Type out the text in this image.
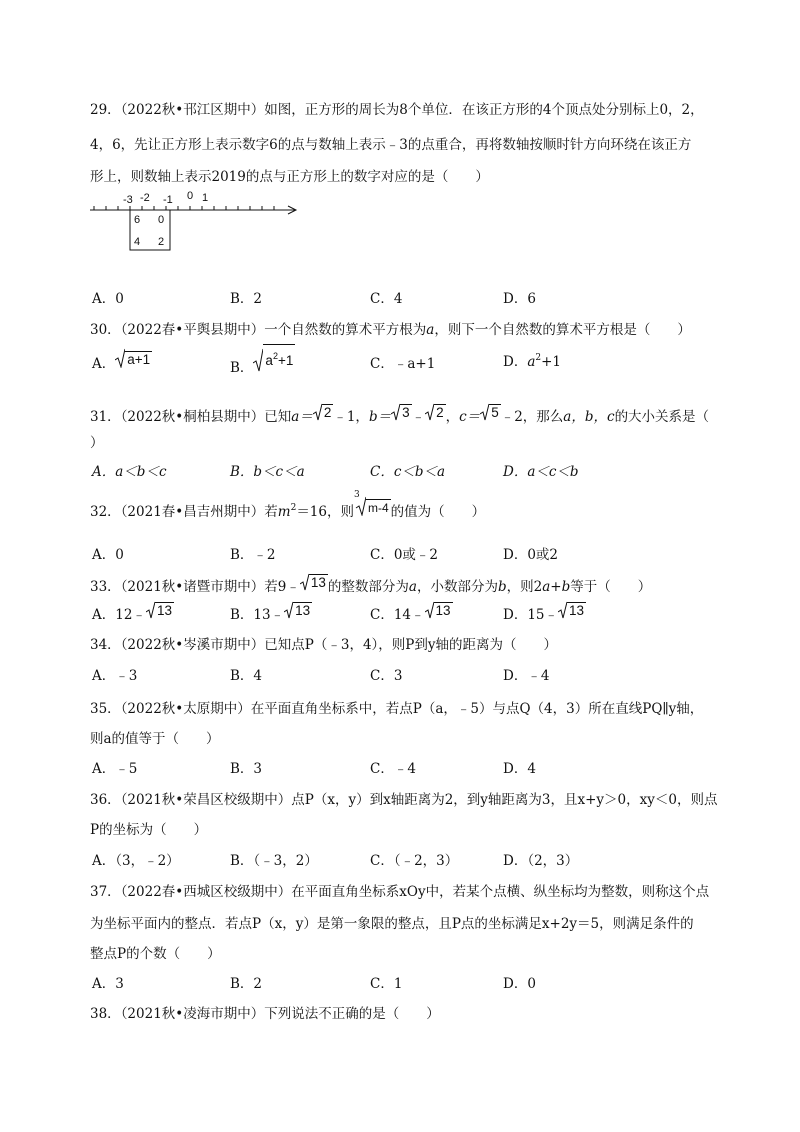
29．（2022秋•邗江区期中）如图，正方形的周长为8个单位．在该正方形的4个顶点处分别标上0，2，
4，6，先让正方形上表示数字6的点与数轴上表示﹣3的点重合，再将数轴按顺时针方向环绕在该正方
形上，则数轴上表示2019的点与正方形上的数字对应的是（　　）
-3 -2 -1 0 1
6 0
4 2
A．0	B．2	C．4	D．6
30．（2022春•平舆县期中）一个自然数的算术平方根为a，则下一个自然数的算术平方根是（　　）
A． a+1
B． $a^2+1$	C．﹣a+1	D．$a^2+1$
31．（2022秋•桐柏县期中）已知a＝ 2 ﹣1，b＝ 3 ﹣ 2 ，c＝ 5 ﹣2，那么a，b，c的大小关系是（
）
A．a＜b＜c	B．b＜c＜a	C．c＜b＜a	D．a＜c＜b
32．（2021春•昌吉州期中）若$m^2=16$，则
3
m-4 的值为（　　）
A．0	B．﹣2	C．0或﹣2	D．0或2
33．（2021秋•诸暨市期中）若9﹣ 13 的整数部分为a，小数部分为b，则2a+b等于（　　）
A．12﹣ 13	B．13﹣ 13	C．14﹣ 13	D．15﹣ 13
34．（2022秋•岑溪市期中）已知点P（﹣3，4），则P到y轴的距离为（　　）
A．﹣3	B．4	C．3	D．﹣4
35．（2022秋•太原期中）在平面直角坐标系中，若点P（a，﹣5）与点Q（4，3）所在直线PQ∥y轴，
则a的值等于（　　）
A．﹣5	B．3	C．﹣4	D．4
36．（2021秋•荣昌区校级期中）点P（x，y）到x轴距离为2，到y轴距离为3，且x+y＞0，xy＜0，则点
P的坐标为（　　）
A．（3，﹣2）	B．（﹣3，2）	C．（﹣2，3）	D．（2，3）
37．（2022春•西城区校级期中）在平面直角坐标系xOy中，若某个点横、纵坐标均为整数，则称这个点
为坐标平面内的整点．若点P（x，y）是第一象限的整点，且P点的坐标满足x+2y＝5，则满足条件的
整点P的个数（　　）
A．3	B．2	C．1	D．0
38．（2021秋•凌海市期中）下列说法不正确的是（　　）
